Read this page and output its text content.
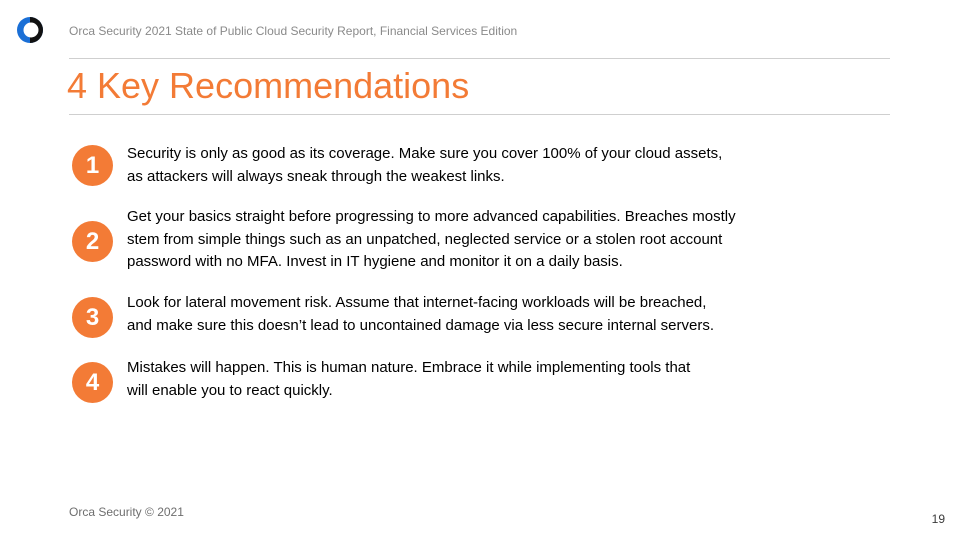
Orca Security 2021 State of Public Cloud Security Report, Financial Services Edition
4 Key Recommendations
1	Security is only as good as its coverage. Make sure you cover 100% of your cloud assets,
as attackers will always sneak through the weakest links.

2

Get your basics straight before progressing to more advanced capabilities. Breaches mostly
stem from simple things such as an unpatched, neglected service or a stolen root account
password with no MFA. Invest in IT hygiene and monitor it on a daily basis.

3

Look for lateral movement risk. Assume that internet-facing workloads will be breached,
and make sure this doesn’t lead to uncontained damage via less secure internal servers.

4

Mistakes will happen. This is human nature. Embrace it while implementing tools that
will enable you to react quickly.

Orca Security © 2021	19
